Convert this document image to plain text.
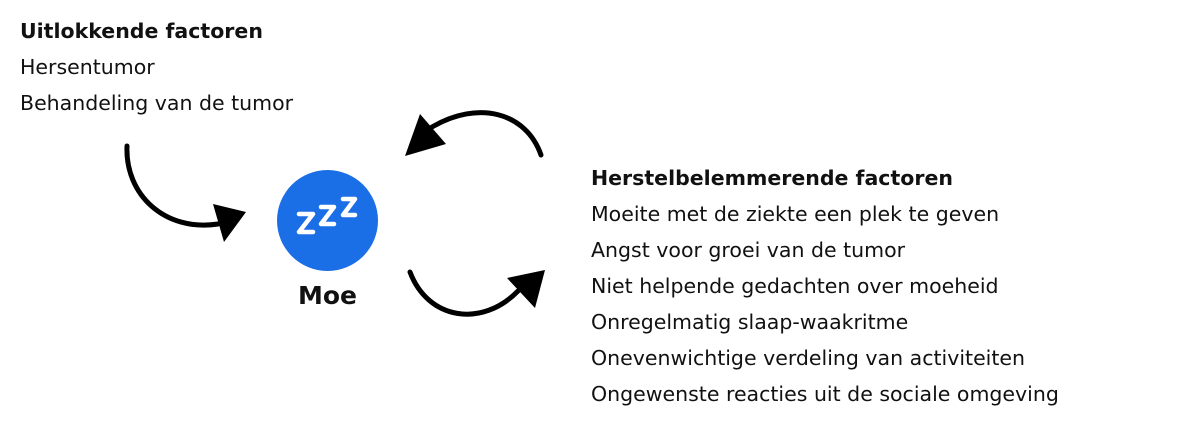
Uitlokkende factoren
Hersentumor
Behandeling van de tumor
Moe
Herstelbelemmerende factoren
Moeite met de ziekte een plek te geven
Angst voor groei van de tumor
Niet helpende gedachten over moeheid
Onregelmatig slaap-waakritme
Onevenwichtige verdeling van activiteiten
Ongewenste reacties uit de sociale omgeving
